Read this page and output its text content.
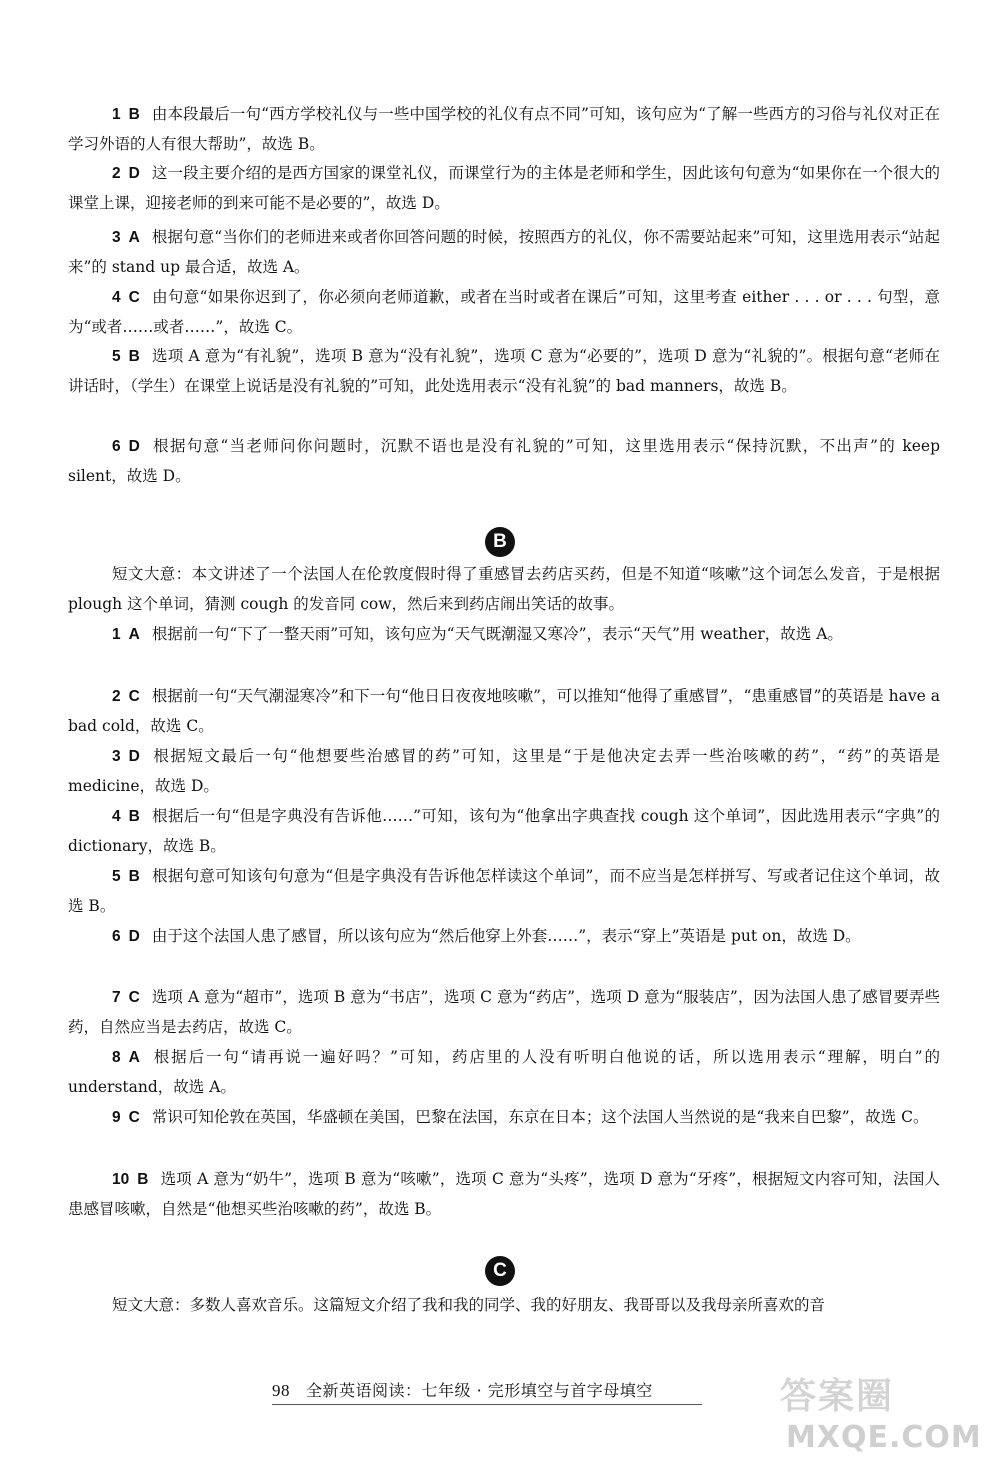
1 B 由本段最后一句“西方学校礼仪与一些中国学校的礼仪有点不同”可知，该句应为“了解一些西方的习俗与礼仪对正在学习外语的人有很大帮助”，故选 B。

2 D 这一段主要介绍的是西方国家的课堂礼仪，而课堂行为的主体是老师和学生，因此该句句意为“如果你在一个很大的课堂上课，迎接老师的到来可能不是必要的”，故选 D。

3 A 根据句意“当你们的老师进来或者你回答问题的时候，按照西方的礼仪，你不需要站起来”可知，这里选用表示“站起来”的 stand up 最合适，故选 A。

4 C 由句意“如果你迟到了，你必须向老师道歉，或者在当时或者在课后”可知，这里考查 either . . . or . . . 句型，意为“或者……或者……”，故选 C。

5 B 选项 A 意为“有礼貌”，选项 B 意为“没有礼貌”，选项 C 意为“必要的”，选项 D 意为“礼貌的”。根据句意“老师在讲话时，（学生）在课堂上说话是没有礼貌的”可知，此处选用表示“没有礼貌”的 bad manners，故选 B。

6 D 根据句意“当老师问你问题时，沉默不语也是没有礼貌的”可知，这里选用表示“保持沉默，不出声”的 keep silent，故选 D。

B

短文大意：本文讲述了一个法国人在伦敦度假时得了重感冒去药店买药，但是不知道“咳嗽”这个词怎么发音，于是根据 plough 这个单词，猜测 cough 的发音同 cow，然后来到药店闹出笑话的故事。

1 A 根据前一句“下了一整天雨”可知，该句应为“天气既潮湿又寒冷”，表示“天气”用 weather，故选 A。

2 C 根据前一句“天气潮湿寒冷”和下一句“他日日夜夜地咳嗽”，可以推知“他得了重感冒”，“患重感冒”的英语是 have a bad cold，故选 C。

3 D 根据短文最后一句“他想要些治感冒的药”可知，这里是“于是他决定去弄一些治咳嗽的药”，“药”的英语是 medicine，故选 D。

4 B 根据后一句“但是字典没有告诉他……”可知，该句为“他拿出字典查找 cough 这个单词”，因此选用表示“字典”的 dictionary，故选 B。

5 B 根据句意可知该句句意为“但是字典没有告诉他怎样读这个单词”，而不应当是怎样拼写、写或者记住这个单词，故选 B。

6 D 由于这个法国人患了感冒，所以该句应为“然后他穿上外套……”，表示“穿上”英语是 put on，故选 D。

7 C 选项 A 意为“超市”，选项 B 意为“书店”，选项 C 意为“药店”，选项 D 意为“服装店”，因为法国人患了感冒要弄些药，自然应当是去药店，故选 C。

8 A 根据后一句“请再说一遍好吗？”可知，药店里的人没有听明白他说的话，所以选用表示“理解，明白”的 understand，故选 A。

9 C 常识可知伦敦在英国，华盛顿在美国，巴黎在法国，东京在日本；这个法国人当然说的是“我来自巴黎”，故选 C。

10 B 选项 A 意为“奶牛”，选项 B 意为“咳嗽”，选项 C 意为“头疼”，选项 D 意为“牙疼”，根据短文内容可知，法国人患感冒咳嗽，自然是“他想买些治咳嗽的药”，故选 B。

C

短文大意：多数人喜欢音乐。这篇短文介绍了我和我的同学、我的好朋友、我哥哥以及我母亲所喜欢的音

98 全新英语阅读：七年级 · 完形填空与首字母填空	答案圈
MXQE.COM
